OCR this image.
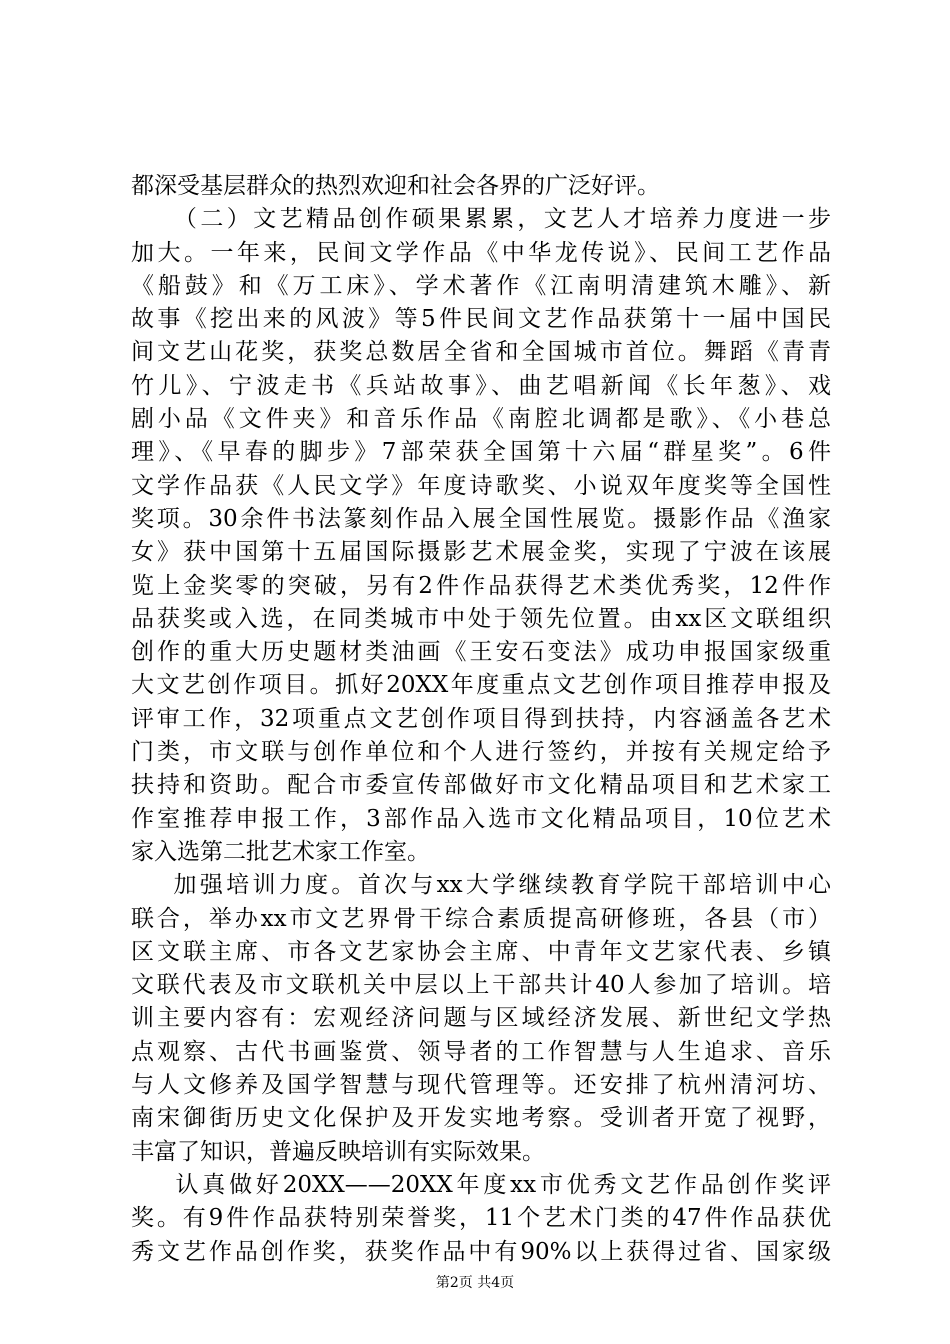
都深受基层群众的热烈欢迎和社会各界的广泛好评。
（二）文艺精品创作硕果累累，文艺人才培养力度进一步
加大。一年来，民间文学作品《中华龙传说》、民间工艺作品
《船鼓》和《万工床》、学术著作《江南明清建筑木雕》、新
故事《挖出来的风波》等5件民间文艺作品获第十一届中国民
间文艺山花奖，获奖总数居全省和全国城市首位。舞蹈《青青
竹儿》、宁波走书《兵站故事》、曲艺唱新闻《长年葱》、戏
剧小品《文件夹》和音乐作品《南腔北调都是歌》、《小巷总
理》、《早春的脚步》7部荣获全国第十六届“群星奖”。6件
文学作品获《人民文学》年度诗歌奖、小说双年度奖等全国性
奖项。30余件书法篆刻作品入展全国性展览。摄影作品《渔家
女》获中国第十五届国际摄影艺术展金奖，实现了宁波在该展
览上金奖零的突破，另有2件作品获得艺术类优秀奖，12件作
品获奖或入选，在同类城市中处于领先位置。由xx区文联组织
创作的重大历史题材类油画《王安石变法》成功申报国家级重
大文艺创作项目。抓好20XX年度重点文艺创作项目推荐申报及
评审工作，32项重点文艺创作项目得到扶持，内容涵盖各艺术
门类，市文联与创作单位和个人进行签约，并按有关规定给予
扶持和资助。配合市委宣传部做好市文化精品项目和艺术家工
作室推荐申报工作，3部作品入选市文化精品项目，10位艺术
家入选第二批艺术家工作室。
加强培训力度。首次与xx大学继续教育学院干部培训中心
联合，举办xx市文艺界骨干综合素质提高研修班，各县（市）
区文联主席、市各文艺家协会主席、中青年文艺家代表、乡镇
文联代表及市文联机关中层以上干部共计40人参加了培训。培
训主要内容有：宏观经济问题与区域经济发展、新世纪文学热
点观察、古代书画鉴赏、领导者的工作智慧与人生追求、音乐
与人文修养及国学智慧与现代管理等。还安排了杭州清河坊、
南宋御街历史文化保护及开发实地考察。受训者开宽了视野，
丰富了知识，普遍反映培训有实际效果。
认真做好20XX——20XX年度xx市优秀文艺作品创作奖评
奖。有9件作品获特别荣誉奖，11个艺术门类的47件作品获优
秀文艺作品创作奖，获奖作品中有90%以上获得过省、国家级
第2页 共4页
